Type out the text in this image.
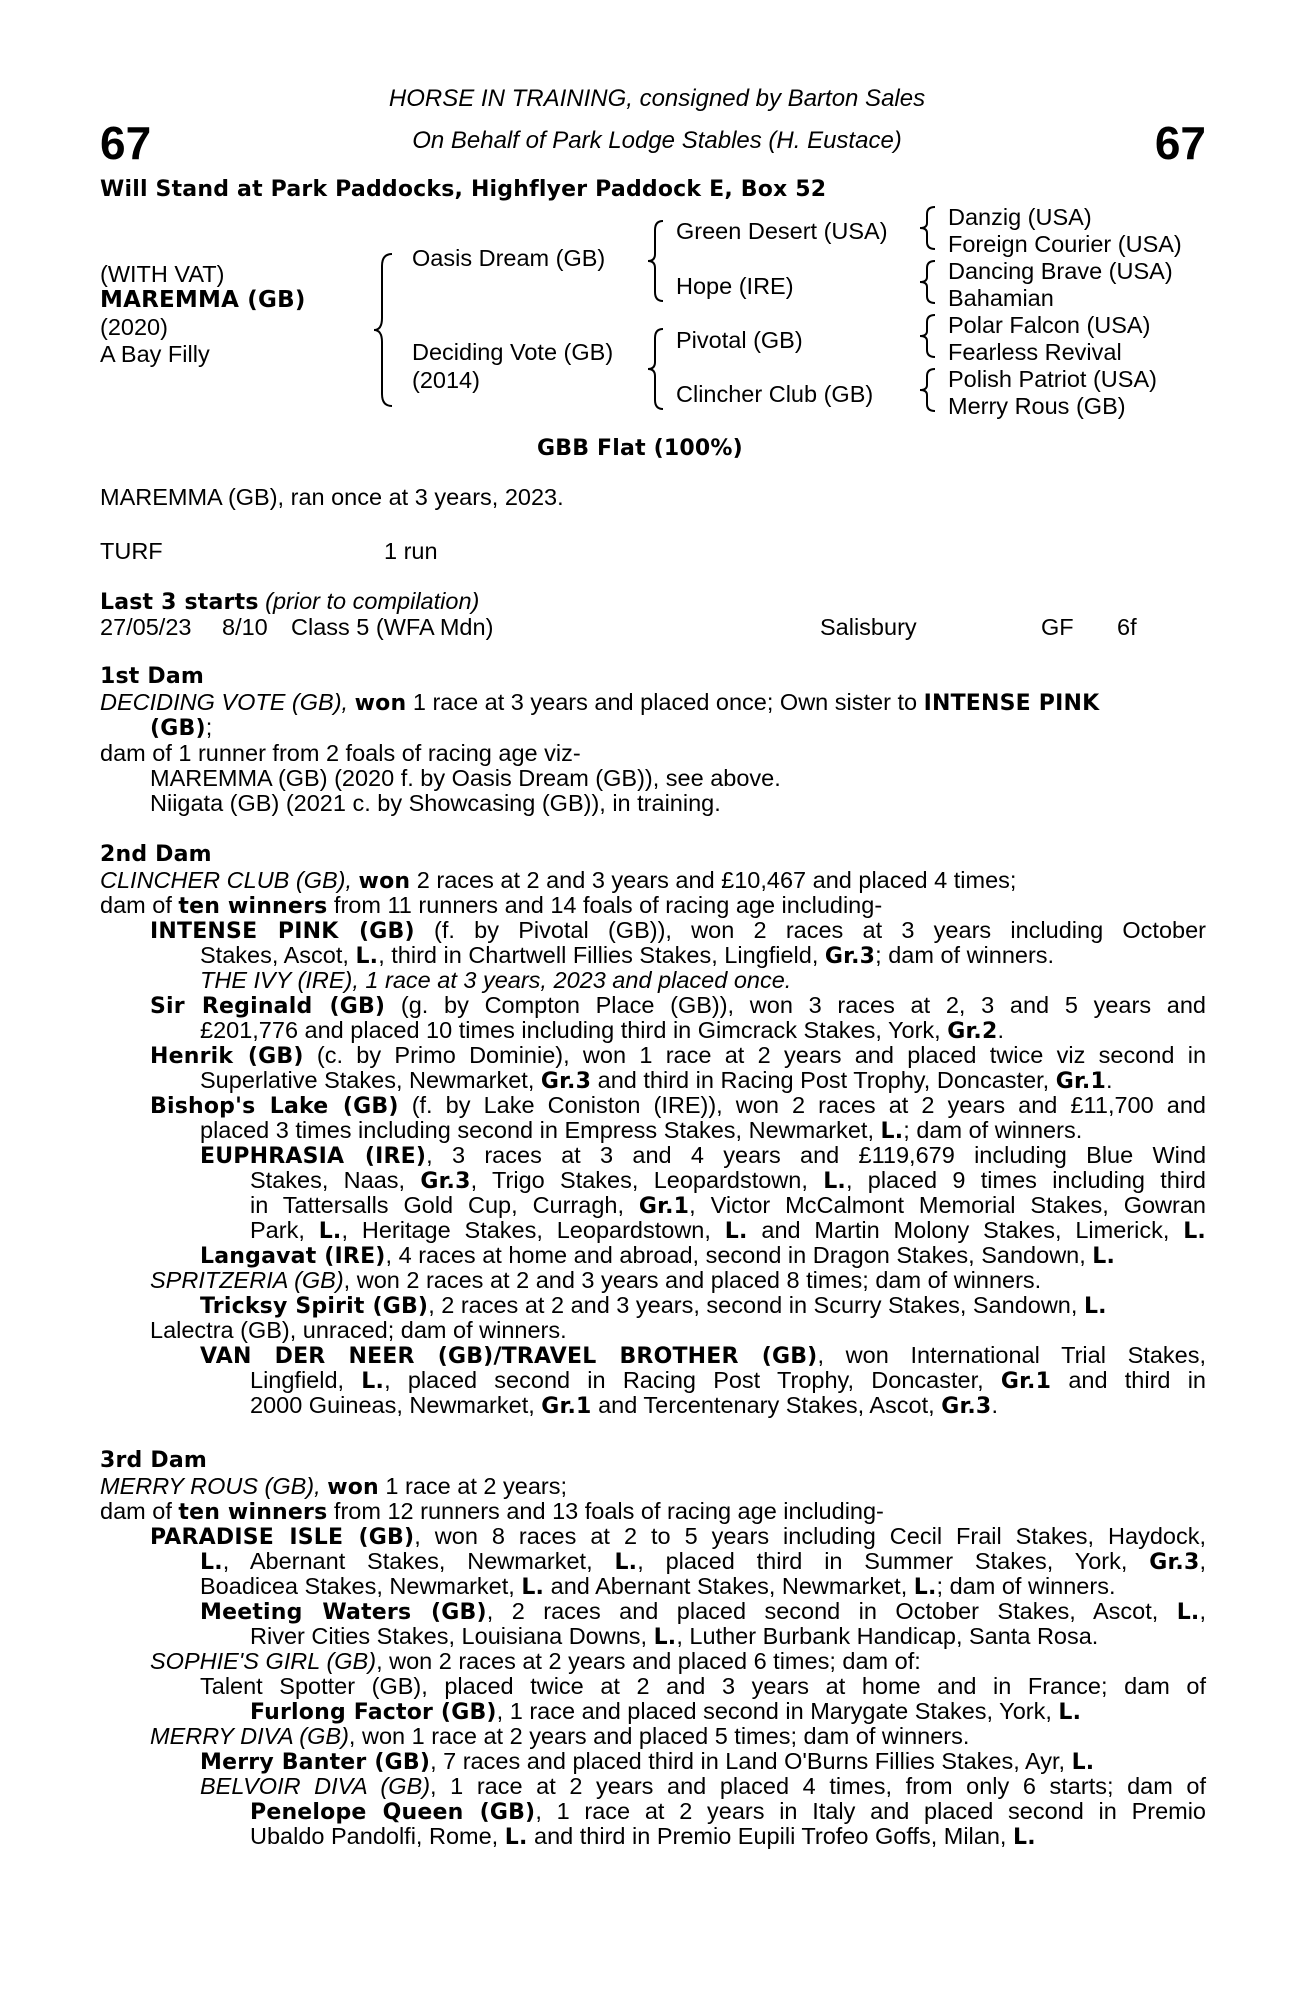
67	67
HORSE IN TRAINING, consigned by Barton Sales
On Behalf of Park Lodge Stables (H. Eustace)
Will Stand at Park Paddocks, Highflyer Paddock E, Box 52
(WITH VAT)
MAREMMA (GB)
(2020)
A Bay Filly
Oasis Dream (GB)
Deciding Vote (GB)
(2014)
Green Desert (USA)
Hope (IRE)
Pivotal (GB)
Clincher Club (GB)
Danzig (USA)
Foreign Courier (USA)
Dancing Brave (USA)
Bahamian
Polar Falcon (USA)
Fearless Revival
Polish Patriot (USA)
Merry Rous (GB)
GBB Flat (100%)
MAREMMA (GB), ran once at 3 years, 2023.
TURF	1 run
Last 3 starts (prior to compilation)
27/05/23 8/10 Class 5 (WFA Mdn)	Salisbury	GF 6f
1st Dam
DECIDING VOTE (GB), won 1 race at 3 years and placed once; Own sister to INTENSE PINK
(GB);
dam of 1 runner from 2 foals of racing age viz-
MAREMMA (GB) (2020 f. by Oasis Dream (GB)), see above.
Niigata (GB) (2021 c. by Showcasing (GB)), in training.
2nd Dam
CLINCHER CLUB (GB), won 2 races at 2 and 3 years and £10,467 and placed 4 times;
dam of ten winners from 11 runners and 14 foals of racing age including-
INTENSE PINK (GB) (f. by Pivotal (GB)), won 2 races at 3 years including October
Stakes, Ascot, L., third in Chartwell Fillies Stakes, Lingfield, Gr.3; dam of winners.
THE IVY (IRE), 1 race at 3 years, 2023 and placed once.
Sir Reginald (GB) (g. by Compton Place (GB)), won 3 races at 2, 3 and 5 years and
£201,776 and placed 10 times including third in Gimcrack Stakes, York, Gr.2.
Henrik (GB) (c. by Primo Dominie), won 1 race at 2 years and placed twice viz second in
Superlative Stakes, Newmarket, Gr.3 and third in Racing Post Trophy, Doncaster, Gr.1.
Bishop's Lake (GB) (f. by Lake Coniston (IRE)), won 2 races at 2 years and £11,700 and
placed 3 times including second in Empress Stakes, Newmarket, L.; dam of winners.
EUPHRASIA (IRE), 3 races at 3 and 4 years and £119,679 including Blue Wind
Stakes, Naas, Gr.3, Trigo Stakes, Leopardstown, L., placed 9 times including third
in Tattersalls Gold Cup, Curragh, Gr.1, Victor McCalmont Memorial Stakes, Gowran
Park, L., Heritage Stakes, Leopardstown, L. and Martin Molony Stakes, Limerick, L.
Langavat (IRE), 4 races at home and abroad, second in Dragon Stakes, Sandown, L.
SPRITZERIA (GB), won 2 races at 2 and 3 years and placed 8 times; dam of winners.
Tricksy Spirit (GB), 2 races at 2 and 3 years, second in Scurry Stakes, Sandown, L.
Lalectra (GB), unraced; dam of winners.
VAN DER NEER (GB)/TRAVEL BROTHER (GB), won International Trial Stakes,
Lingfield, L., placed second in Racing Post Trophy, Doncaster, Gr.1 and third in
2000 Guineas, Newmarket, Gr.1 and Tercentenary Stakes, Ascot, Gr.3.
3rd Dam
MERRY ROUS (GB), won 1 race at 2 years;
dam of ten winners from 12 runners and 13 foals of racing age including-
PARADISE ISLE (GB), won 8 races at 2 to 5 years including Cecil Frail Stakes, Haydock,
L., Abernant Stakes, Newmarket, L., placed third in Summer Stakes, York, Gr.3,
Boadicea Stakes, Newmarket, L. and Abernant Stakes, Newmarket, L.; dam of winners.
Meeting Waters (GB), 2 races and placed second in October Stakes, Ascot, L.,
River Cities Stakes, Louisiana Downs, L., Luther Burbank Handicap, Santa Rosa.
SOPHIE'S GIRL (GB), won 2 races at 2 years and placed 6 times; dam of:
Talent Spotter (GB), placed twice at 2 and 3 years at home and in France; dam of
Furlong Factor (GB), 1 race and placed second in Marygate Stakes, York, L.
MERRY DIVA (GB), won 1 race at 2 years and placed 5 times; dam of winners.
Merry Banter (GB), 7 races and placed third in Land O'Burns Fillies Stakes, Ayr, L.
BELVOIR DIVA (GB), 1 race at 2 years and placed 4 times, from only 6 starts; dam of
Penelope Queen (GB), 1 race at 2 years in Italy and placed second in Premio
Ubaldo Pandolfi, Rome, L. and third in Premio Eupili Trofeo Goffs, Milan, L.
